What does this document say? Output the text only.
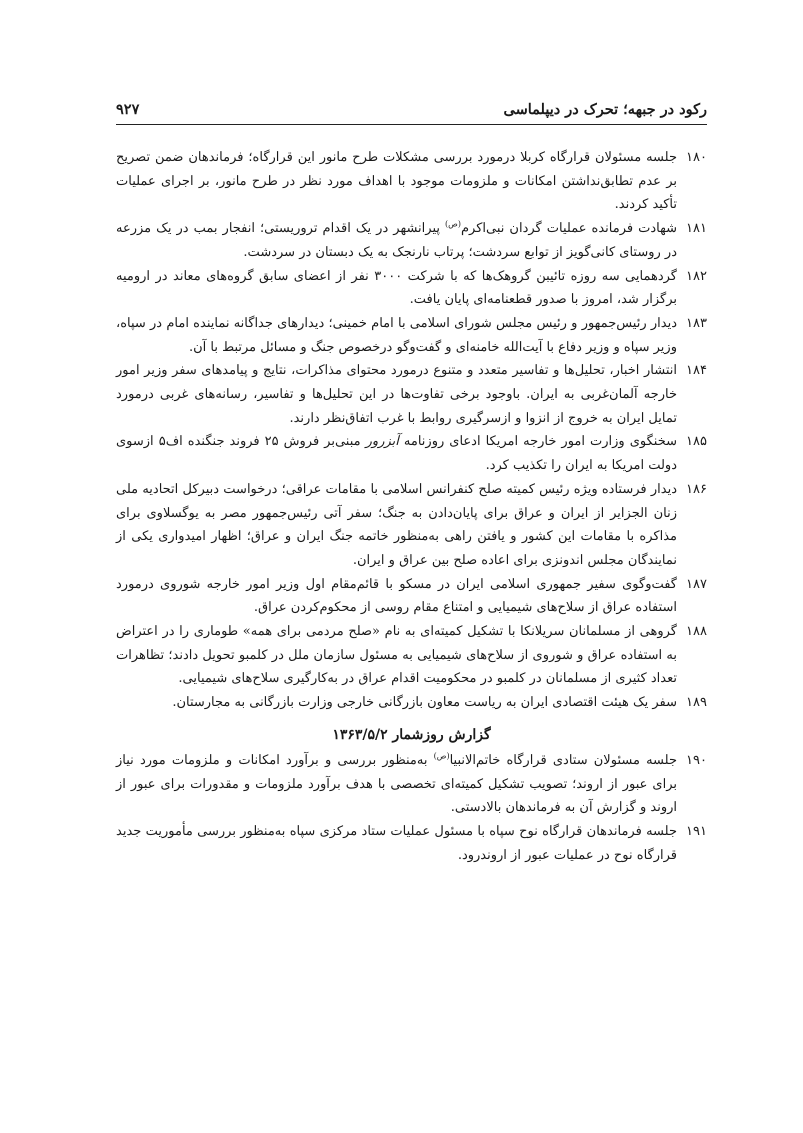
رکود در جبهه؛ تحرک در دیپلماسی
۹۲۷
۱۸۰
جلسه مسئولان قرارگاه کربلا درمورد بررسی مشکلات طرح مانور این قرارگاه؛ فرماندهان ضمن تصریح بر عدم تطابق‌نداشتن امکانات و ملزومات موجود با اهداف مورد نظر در طرح مانور، بر اجرای عملیات تأکید کردند.
۱۸۱
شهادت فرمانده عملیات گردان نبی‌اکرم$^{(ص)}$ پیرانشهر در یک اقدام تروریستی؛ انفجار بمب در یک مزرعه در روستای کانی‌گویز از توابع سردشت؛ پرتاب نارنجک به یک دبستان در سردشت.
۱۸۲
گردهمایی سه روزه تائیبن گروهک‌ها که با شرکت ۳۰۰۰ نفر از اعضای سابق گروه‌های معاند در ارومیه برگزار شد، امروز با صدور قطعنامه‌ای پایان یافت.
۱۸۳
دیدار رئیس‌جمهور و رئیس مجلس شورای اسلامی با امام خمینی؛ دیدارهای جداگانه نماینده امام در سپاه، وزیر سپاه و وزیر دفاع با آیت‌الله خامنه‌ای و گفت‌وگو درخصوص جنگ و مسائل مرتبط با آن.
۱۸۴
انتشار اخبار، تحلیل‌ها و تفاسیر متعدد و متنوع درمورد محتوای مذاکرات، نتایج و پیامدهای سفر وزیر امور خارجه آلمان‌غربی به ایران. باوجود برخی تفاوت‌ها در این تحلیل‌ها و تفاسیر، رسانه‌های غربی درمورد تمایل ایران به خروج از انزوا و ازسرگیری روابط با غرب اتفاق‌نظر دارند.
۱۸۵
سخنگوی وزارت امور خارجه امریکا ادعای روزنامه آبزرور مبنی‌بر فروش ۲۵ فروند جنگنده اف‌۵ ازسوی دولت امریکا به ایران را تکذیب کرد.
۱۸۶
دیدار فرستاده ویژه رئیس کمیته صلح کنفرانس اسلامی با مقامات عراقی؛ درخواست دبیرکل اتحادیه ملی زنان الجزایر از ایران و عراق برای پایان‌دادن به جنگ؛ سفر آتی رئیس‌جمهور مصر به یوگسلاوی برای مذاکره با مقامات این کشور و یافتن راهی به‌منظور خاتمه جنگ ایران و عراق؛ اظهار امیدواری یکی از نمایندگان مجلس اندونزی برای اعاده صلح بین عراق و ایران.
۱۸۷
گفت‌وگوی سفیر جمهوری اسلامی ایران در مسکو با قائم‌مقام اول وزیر امور خارجه شوروی درمورد استفاده عراق از سلاح‌های شیمیایی و امتناع مقام روسی از محکوم‌کردن عراق.
۱۸۸
گروهی از مسلمانان سریلانکا با تشکیل کمیته‌ای به نام «صلح مردمی برای همه» طوماری را در اعتراض به استفاده عراق و شوروی از سلاح‌های شیمیایی به مسئول سازمان ملل در کلمبو تحویل دادند؛ تظاهرات تعداد کثیری از مسلمانان در کلمبو در محکومیت اقدام عراق در به‌کارگیری سلاح‌های شیمیایی.
۱۸۹
سفر یک هیئت اقتصادی ایران به ریاست معاون بازرگانی خارجی وزارت بازرگانی به مجارستان.
گزارش روزشمار ۱۳۶۳/۵/۲
۱۹۰
جلسه مسئولان ستادی قرارگاه خاتم‌الانبیا$^{(ص)}$ به‌منظور بررسی و برآورد امکانات و ملزومات مورد نیاز برای عبور از اروند؛ تصویب تشکیل کمیته‌ای تخصصی با هدف برآورد ملزومات و مقدورات برای عبور از اروند و گزارش آن به فرماندهان بالادستی.
۱۹۱
جلسه فرماندهان قرارگاه نوح سپاه با مسئول عملیات ستاد مرکزی سپاه به‌منظور بررسی مأموریت جدید قرارگاه نوح در عملیات عبور از اروندرود.
